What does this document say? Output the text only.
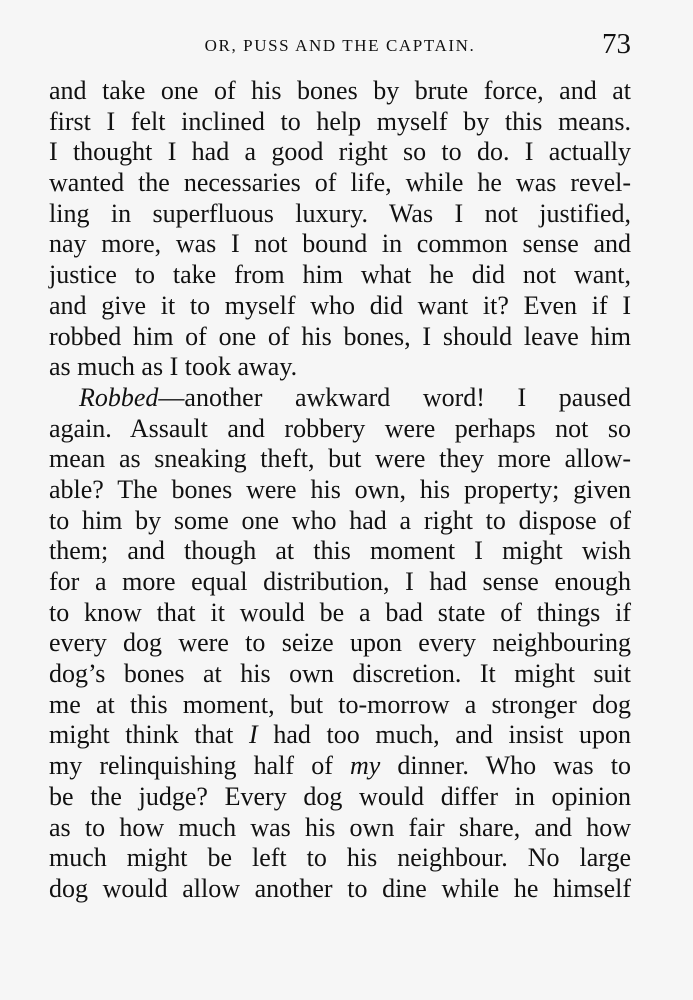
OR, PUSS AND THE CAPTAIN.	73
and take one of his bones by brute force, and at
first I felt inclined to help myself by this means.
I thought I had a good right so to do. I actually
wanted the necessaries of life, while he was revel-
ling in superfluous luxury. Was I not justified,
nay more, was I not bound in common sense and
justice to take from him what he did not want,
and give it to myself who did want it? Even if I
robbed him of one of his bones, I should leave him
as much as I took away.
Robbed—another awkward word! I paused
again. Assault and robbery were perhaps not so
mean as sneaking theft, but were they more allow-
able? The bones were his own, his property; given
to him by some one who had a right to dispose of
them; and though at this moment I might wish
for a more equal distribution, I had sense enough
to know that it would be a bad state of things if
every dog were to seize upon every neighbouring
dog’s bones at his own discretion. It might suit
me at this moment, but to-morrow a stronger dog
might think that I had too much, and insist upon
my relinquishing half of my dinner. Who was to
be the judge? Every dog would differ in opinion
as to how much was his own fair share, and how
much might be left to his neighbour. No large
dog would allow another to dine while he himself
